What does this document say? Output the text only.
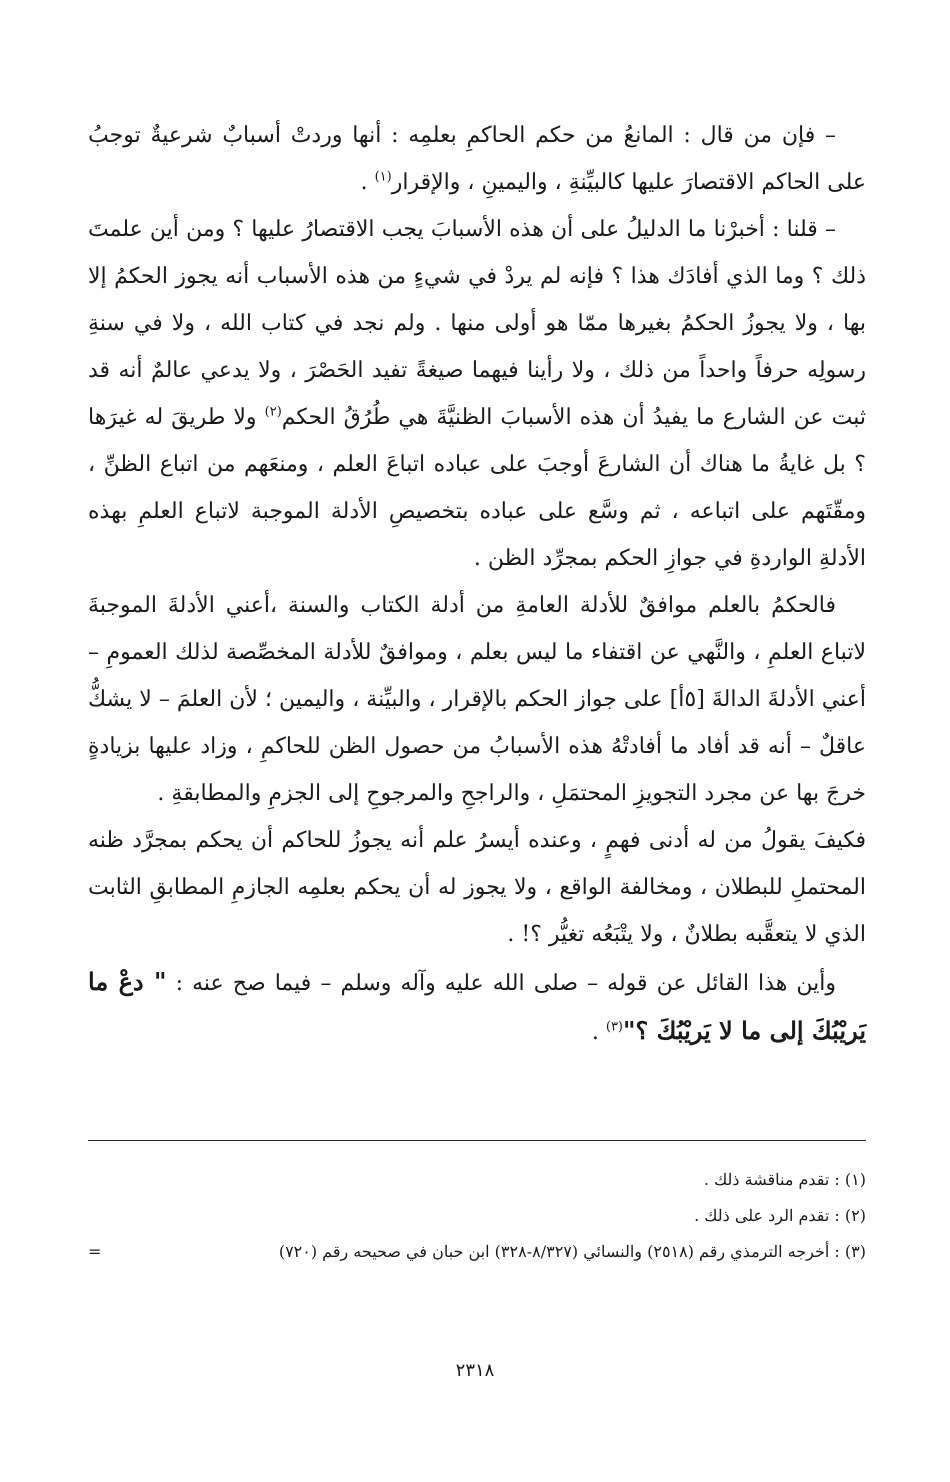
– فإن من قال : المانعُ من حكم الحاكمِ بعلمِه : أنها وردتْ أسبابٌ شرعيةٌ توجبُ على الحاكم الاقتصارَ عليها كالبيِّنةِ ، واليمينِ ، والإقرار$^{(١)}$ .

– قلنا : أخبرْنا ما الدليلُ على أن هذه الأسبابَ يجب الاقتصارُ عليها ؟ ومن أين علمتَ ذلك ؟ وما الذي أفادَك هذا ؟ فإنه لم يردْ في شيءٍ من هذه الأسباب أنه يجوز الحكمُ إلا بها ، ولا يجوزُ الحكمُ بغيرها ممّا هو أولى منها . ولم نجد في كتاب الله ، ولا في سنةِ رسولِه حرفاً واحداً من ذلك ، ولا رأينا فيهما صيغةً تفيد الحَصْرَ ، ولا يدعي عالمٌ أنه قد ثبت عن الشارع ما يفيدُ أن هذه الأسبابَ الظنيَّةَ هي طُرُقُ الحكم$^{(٢)}$ ولا طريقَ له غيرَها ؟ بل غايةُ ما هناك أن الشارعَ أوجبَ على عباده اتباعَ العلم ، ومنعَهم من اتباع الظنِّ ، ومقّتَهم على اتباعه ، ثم وسَّع على عباده بتخصيصِ الأدلة الموجبة لاتباع العلمِ بهذه الأدلةِ الواردةِ في جوازِ الحكم بمجرِّد الظن .

فالحكمُ بالعلم موافقٌ للأدلة العامةِ من أدلة الكتاب والسنة ،أعني الأدلةَ الموجبةَ لاتباع العلمِ ، والنَّهي عن اقتفاء ما ليس بعلم ، وموافقٌ للأدلة المخصِّصة لذلك العمومِ – أعني الأدلةَ الدالةَ [٥أ] على جواز الحكم بالإقرار ، والبيِّنة ، واليمين ؛ لأن العلمَ – لا يشكُّ عاقلٌ – أنه قد أفاد ما أفادتْهُ هذه الأسبابُ من حصول الظن للحاكمِ ، وزاد عليها بزيادةٍ خرجَ بها عن مجرد التجويزِ المحتمَلِ ، والراجحِ والمرجوحِ إلى الجزمِ والمطابقةِ .

فكيفَ يقولُ من له أدنى فهمٍ ، وعنده أيسرُ علم أنه يجوزُ للحاكم أن يحكم بمجرَّد ظنه المحتملِ للبطلان ، ومخالفة الواقع ، ولا يجوز له أن يحكم بعلمِه الجازمِ المطابقِ الثابت الذي لا يتعقَّبه بطلانٌ ، ولا يتْبَعُه تغيُّر ؟! .

وأين هذا القائل عن قوله – صلى الله عليه وآله وسلم – فيما صح عنه : " دعْ ما يَريْبُكَ إلى ما لا يَريْبُكَ ؟"$^{(٣)}$ .

(١) : تقدم مناقشة ذلك .

(٢) : تقدم الرد على ذلك .

(٣) : أخرجه الترمذي رقم (٢٥١٨) والنسائي (٨/٣٢٧-٣٢٨) ابن حبان في صحيحه رقم (٧٢٠)
=

٢٣١٨
